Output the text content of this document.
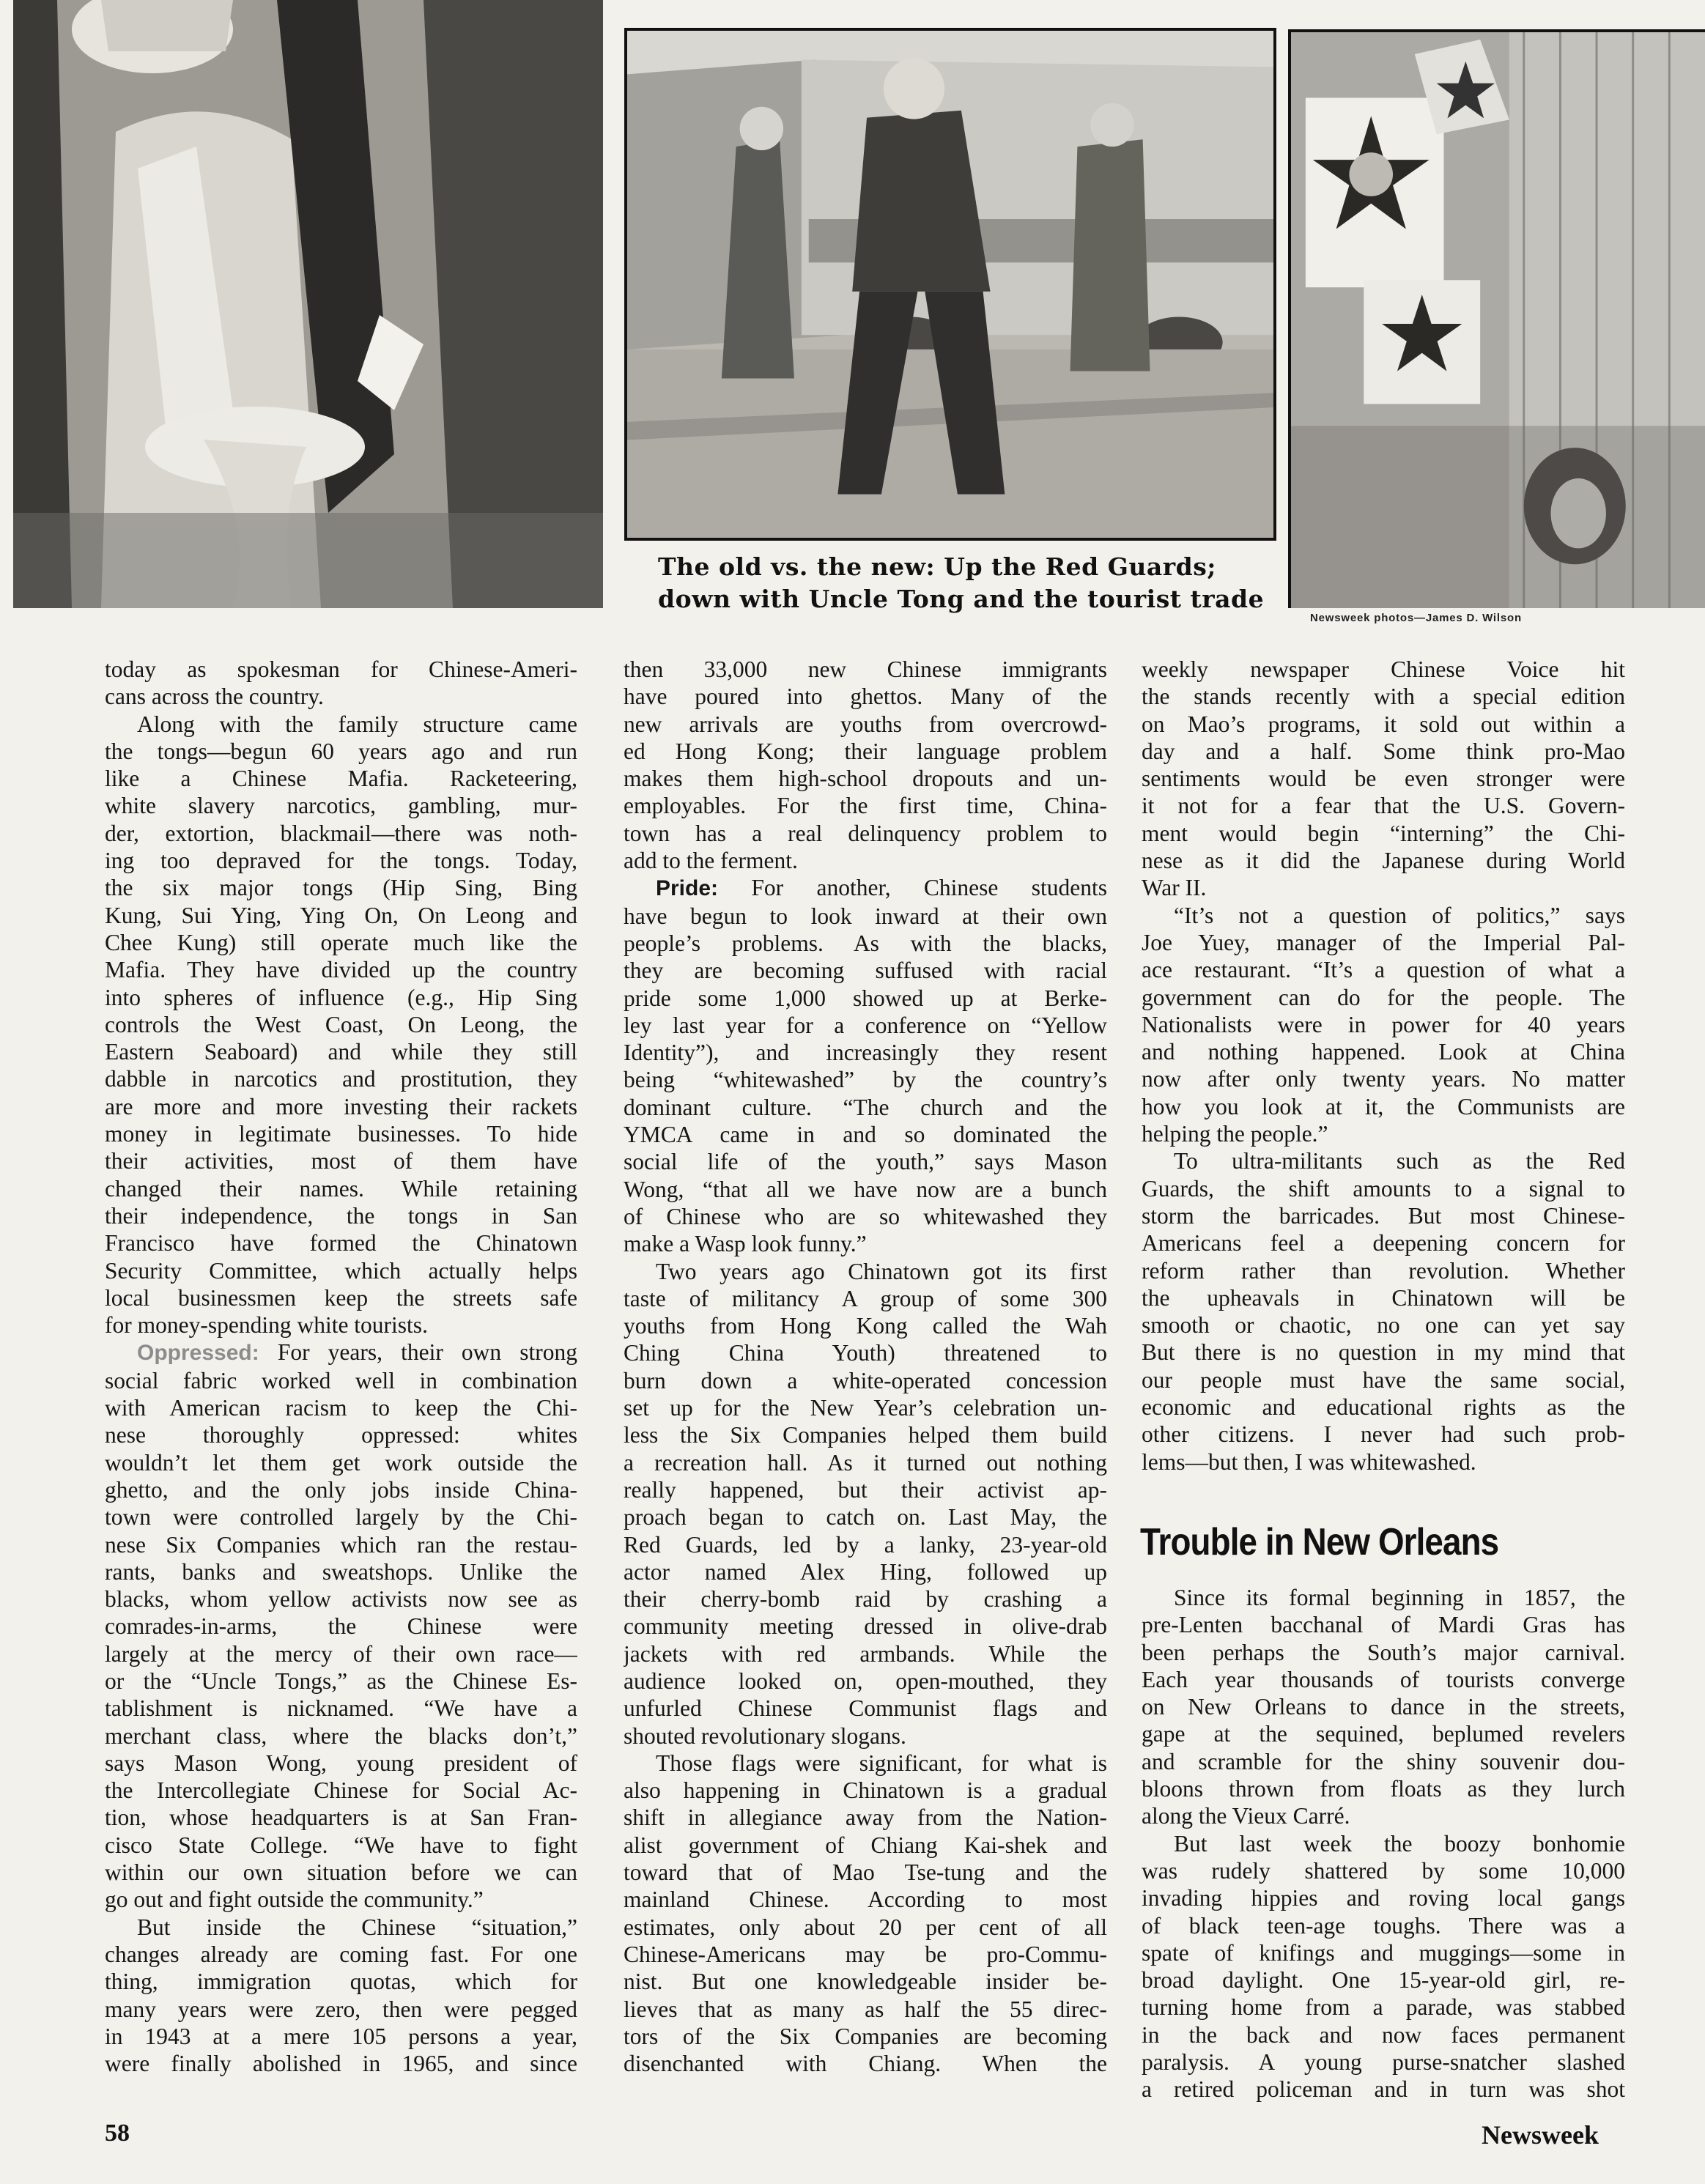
The old vs. the new: Up the Red Guards;
down with Uncle Tong and the tourist trade
Newsweek photos—James D. Wilson
today as spokesman for Chinese-Ameri-
cans across the country.
Along with the family structure came
the tongs—begun 60 years ago and run
like a Chinese Mafia. Racketeering,
white slavery narcotics, gambling, mur-
der, extortion, blackmail—there was noth-
ing too depraved for the tongs. Today,
the six major tongs (Hip Sing, Bing
Kung, Sui Ying, Ying On, On Leong and
Chee Kung) still operate much like the
Mafia. They have divided up the country
into spheres of influence (e.g., Hip Sing
controls the West Coast, On Leong, the
Eastern Seaboard) and while they still
dabble in narcotics and prostitution, they
are more and more investing their rackets
money in legitimate businesses. To hide
their activities, most of them have
changed their names. While retaining
their independence, the tongs in San
Francisco have formed the Chinatown
Security Committee, which actually helps
local businessmen keep the streets safe
for money-spending white tourists.
Oppressed: For years, their own strong
social fabric worked well in combination
with American racism to keep the Chi-
nese thoroughly oppressed: whites
wouldn’t let them get work outside the
ghetto, and the only jobs inside China-
town were controlled largely by the Chi-
nese Six Companies which ran the restau-
rants, banks and sweatshops. Unlike the
blacks, whom yellow activists now see as
comrades-in-arms, the Chinese were
largely at the mercy of their own race—
or the “Uncle Tongs,” as the Chinese Es-
tablishment is nicknamed. “We have a
merchant class, where the blacks don’t,”
says Mason Wong, young president of
the Intercollegiate Chinese for Social Ac-
tion, whose headquarters is at San Fran-
cisco State College. “We have to fight
within our own situation before we can
go out and fight outside the community.”
But inside the Chinese “situation,”
changes already are coming fast. For one
thing, immigration quotas, which for
many years were zero, then were pegged
in 1943 at a mere 105 persons a year,
were finally abolished in 1965, and since
then 33,000 new Chinese immigrants
have poured into ghettos. Many of the
new arrivals are youths from overcrowd-
ed Hong Kong; their language problem
makes them high-school dropouts and un-
employables. For the first time, China-
town has a real delinquency problem to
add to the ferment.
Pride: For another, Chinese students
have begun to look inward at their own
people’s problems. As with the blacks,
they are becoming suffused with racial
pride some 1,000 showed up at Berke-
ley last year for a conference on “Yellow
Identity”), and increasingly they resent
being “whitewashed” by the country’s
dominant culture. “The church and the
YMCA came in and so dominated the
social life of the youth,” says Mason
Wong, “that all we have now are a bunch
of Chinese who are so whitewashed they
make a Wasp look funny.”
Two years ago Chinatown got its first
taste of militancy A group of some 300
youths from Hong Kong called the Wah
Ching China Youth) threatened to
burn down a white-operated concession
set up for the New Year’s celebration un-
less the Six Companies helped them build
a recreation hall. As it turned out nothing
really happened, but their activist ap-
proach began to catch on. Last May, the
Red Guards, led by a lanky, 23-year-old
actor named Alex Hing, followed up
their cherry-bomb raid by crashing a
community meeting dressed in olive-drab
jackets with red armbands. While the
audience looked on, open-mouthed, they
unfurled Chinese Communist flags and
shouted revolutionary slogans.
Those flags were significant, for what is
also happening in Chinatown is a gradual
shift in allegiance away from the Nation-
alist government of Chiang Kai-shek and
toward that of Mao Tse-tung and the
mainland Chinese. According to most
estimates, only about 20 per cent of all
Chinese-Americans may be pro-Commu-
nist. But one knowledgeable insider be-
lieves that as many as half the 55 direc-
tors of the Six Companies are becoming
disenchanted with Chiang. When the
weekly newspaper Chinese Voice hit
the stands recently with a special edition
on Mao’s programs, it sold out within a
day and a half. Some think pro-Mao
sentiments would be even stronger were
it not for a fear that the U.S. Govern-
ment would begin “interning” the Chi-
nese as it did the Japanese during World
War II.
“It’s not a question of politics,” says
Joe Yuey, manager of the Imperial Pal-
ace restaurant. “It’s a question of what a
government can do for the people. The
Nationalists were in power for 40 years
and nothing happened. Look at China
now after only twenty years. No matter
how you look at it, the Communists are
helping the people.”
To ultra-militants such as the Red
Guards, the shift amounts to a signal to
storm the barricades. But most Chinese-
Americans feel a deepening concern for
reform rather than revolution. Whether
the upheavals in Chinatown will be
smooth or chaotic, no one can yet say
But there is no question in my mind that
our people must have the same social,
economic and educational rights as the
other citizens. I never had such prob-
lems—but then, I was whitewashed.
Trouble in New Orleans
Since its formal beginning in 1857, the
pre-Lenten bacchanal of Mardi Gras has
been perhaps the South’s major carnival.
Each year thousands of tourists converge
on New Orleans to dance in the streets,
gape at the sequined, beplumed revelers
and scramble for the shiny souvenir dou-
bloons thrown from floats as they lurch
along the Vieux Carré.
But last week the boozy bonhomie
was rudely shattered by some 10,000
invading hippies and roving local gangs
of black teen-age toughs. There was a
spate of knifings and muggings—some in
broad daylight. One 15-year-old girl, re-
turning home from a parade, was stabbed
in the back and now faces permanent
paralysis. A young purse-snatcher slashed
a retired policeman and in turn was shot
58	Newsweek
